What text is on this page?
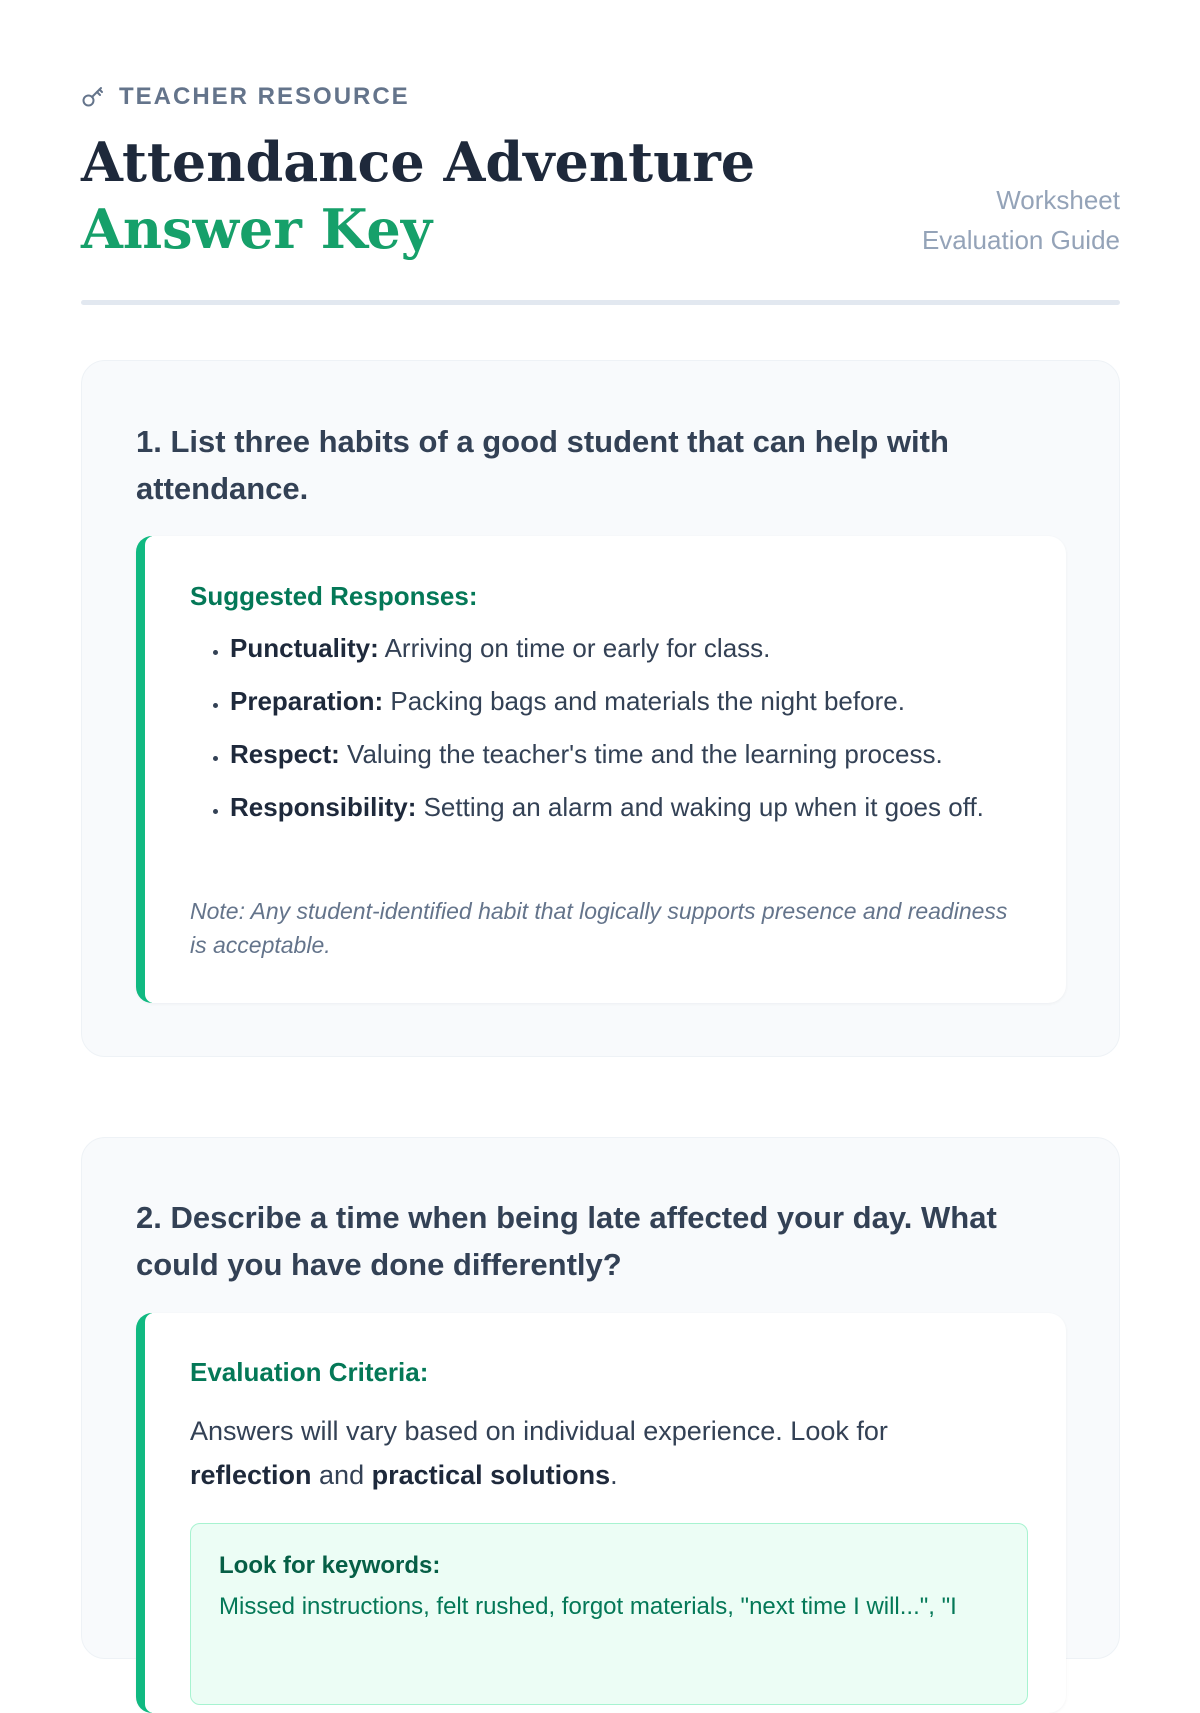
TEACHER RESOURCE
Attendance Adventure
Answer Key	Worksheet
Evaluation Guide
1. List three habits of a good student that can help with attendance.
Suggested Responses:
• Punctuality: Arriving on time or early for class.
• Preparation: Packing bags and materials the night before.
• Respect: Valuing the teacher's time and the learning process.
• Responsibility: Setting an alarm and waking up when it goes off.
Note: Any student-identified habit that logically supports presence and readiness is acceptable.
2. Describe a time when being late affected your day. What could you have done differently?
Evaluation Criteria:
Answers will vary based on individual experience. Look for reflection and practical solutions.
Look for keywords:
Missed instructions, felt rushed, forgot materials, "next time I will...", "I
